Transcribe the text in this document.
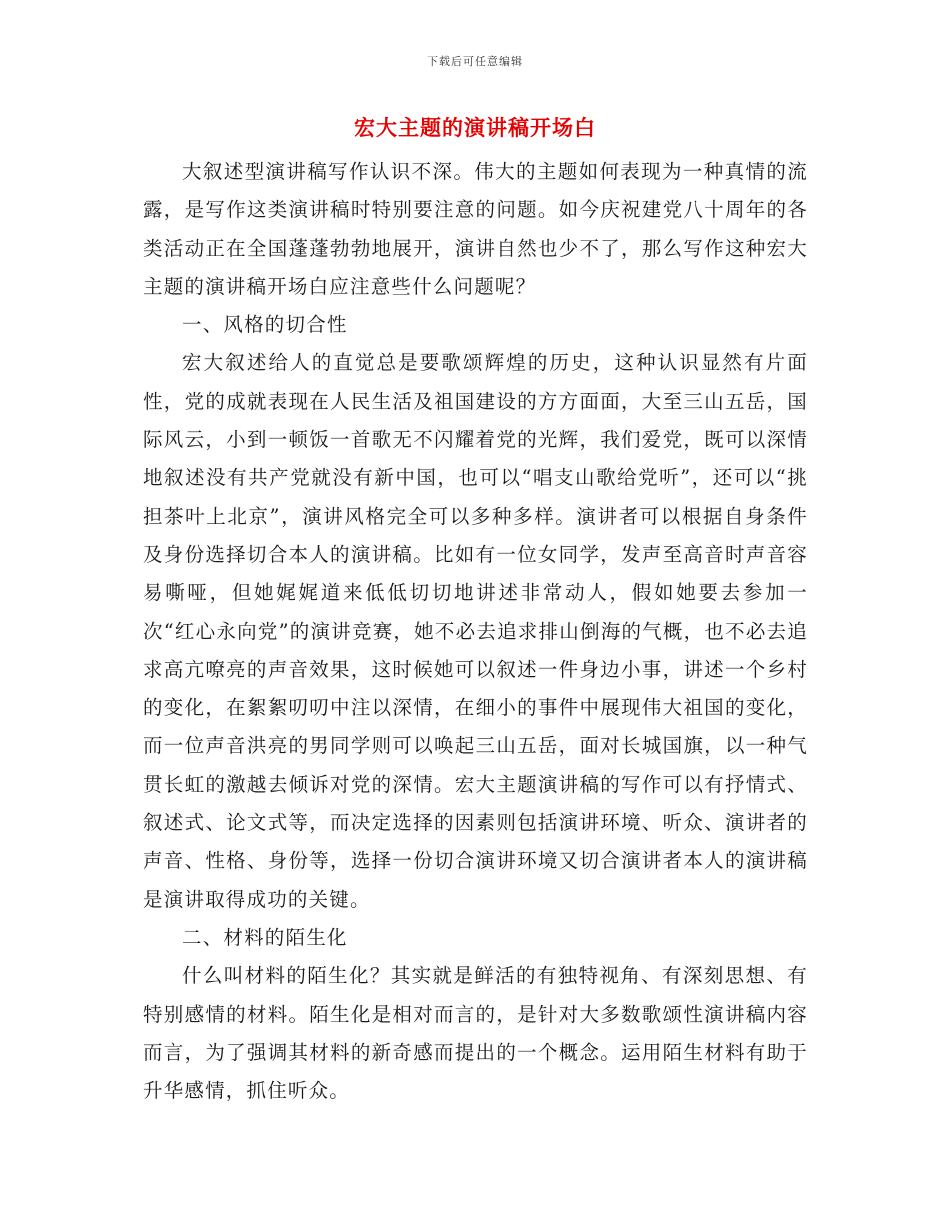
下载后可任意编辑
宏大主题的演讲稿开场白

大叙述型演讲稿写作认识不深。伟大的主题如何表现为一种真情的流露，是写作这类演讲稿时特别要注意的问题。如今庆祝建党八十周年的各类活动正在全国蓬蓬勃勃地展开，演讲自然也少不了，那么写作这种宏大主题的演讲稿开场白应注意些什么问题呢？

一、风格的切合性

宏大叙述给人的直觉总是要歌颂辉煌的历史，这种认识显然有片面性，党的成就表现在人民生活及祖国建设的方方面面，大至三山五岳，国际风云，小到一顿饭一首歌无不闪耀着党的光辉，我们爱党，既可以深情地叙述没有共产党就没有新中国，也可以“唱支山歌给党听”，还可以“挑担茶叶上北京”，演讲风格完全可以多种多样。演讲者可以根据自身条件及身份选择切合本人的演讲稿。比如有一位女同学，发声至高音时声音容易嘶哑，但她娓娓道来低低切切地讲述非常动人，假如她要去参加一次“红心永向党”的演讲竞赛，她不必去追求排山倒海的气概，也不必去追求高亢嘹亮的声音效果，这时候她可以叙述一件身边小事，讲述一个乡村的变化，在絮絮叨叨中注以深情，在细小的事件中展现伟大祖国的变化，而一位声音洪亮的男同学则可以唤起三山五岳，面对长城国旗，以一种气贯长虹的激越去倾诉对党的深情。宏大主题演讲稿的写作可以有抒情式、叙述式、论文式等，而决定选择的因素则包括演讲环境、听众、演讲者的声音、性格、身份等，选择一份切合演讲环境又切合演讲者本人的演讲稿是演讲取得成功的关键。

二、材料的陌生化

什么叫材料的陌生化？其实就是鲜活的有独特视角、有深刻思想、有特别感情的材料。陌生化是相对而言的，是针对大多数歌颂性演讲稿内容而言，为了强调其材料的新奇感而提出的一个概念。运用陌生材料有助于升华感情，抓住听众。
